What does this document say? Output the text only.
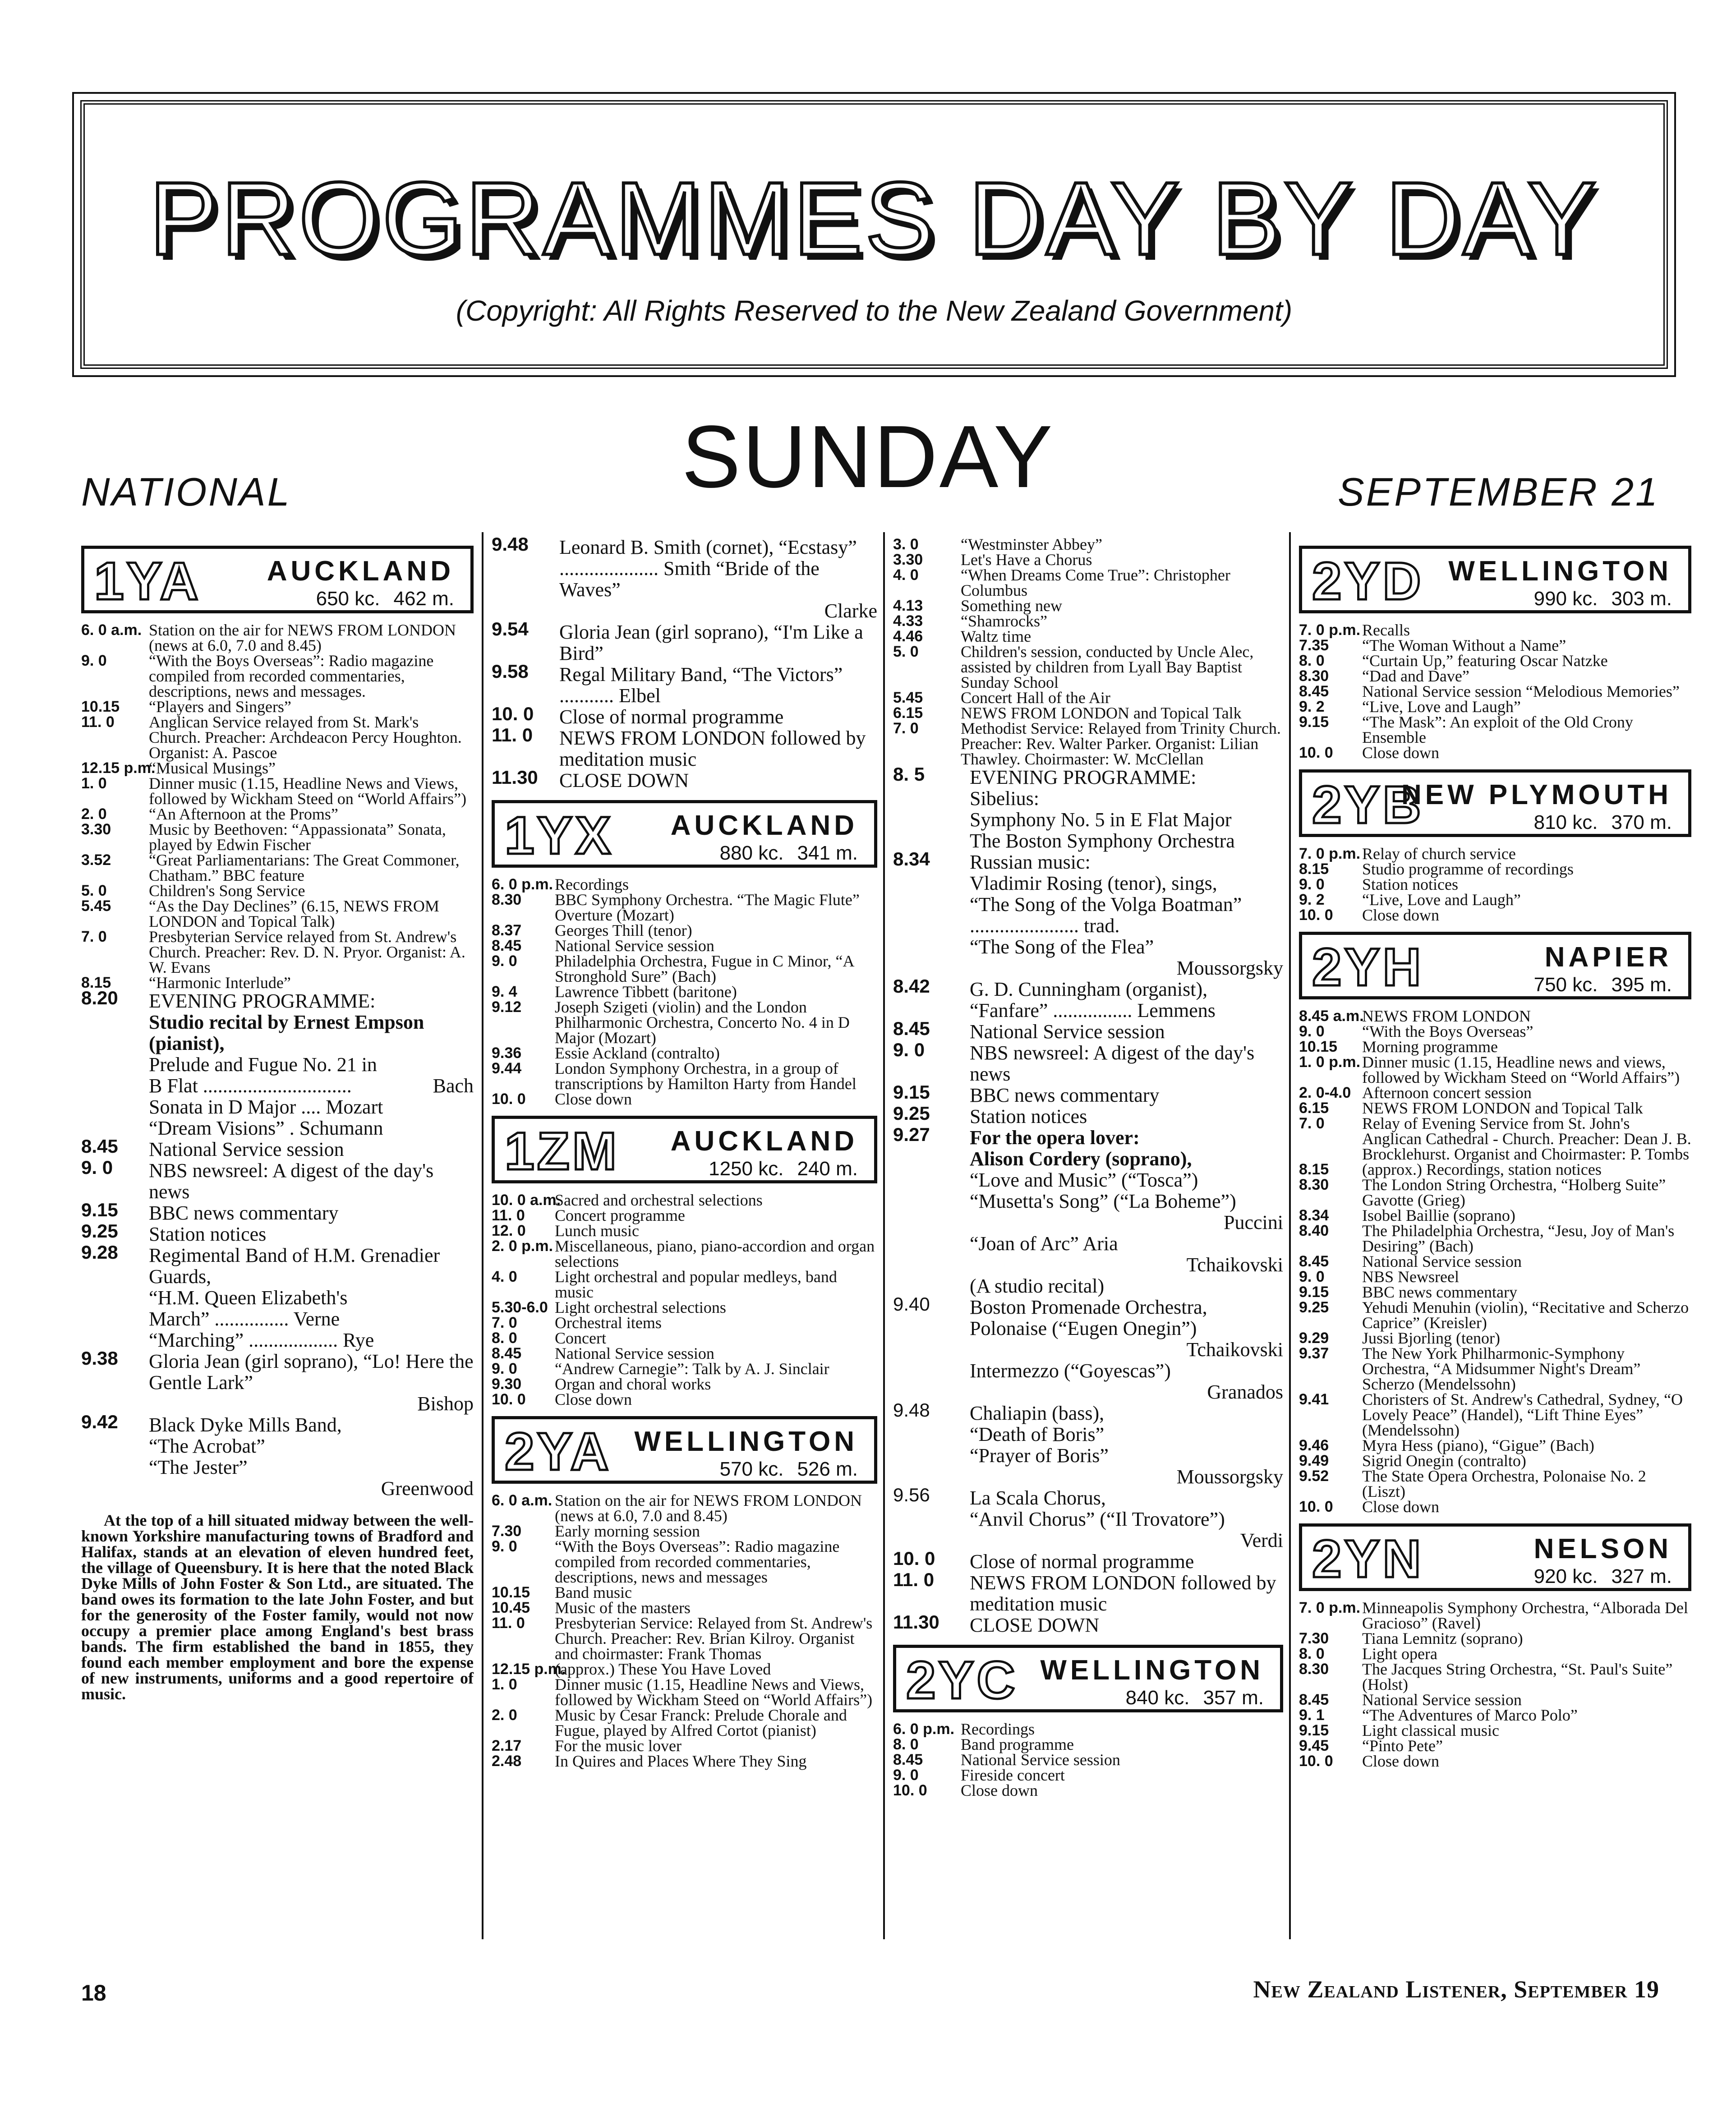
PROGRAMMES DAY BY DAY
(Copyright: All Rights Reserved to the New Zealand Government)
SUNDAY
NATIONAL	SEPTEMBER 21
1YA AUCKLAND
650 kc. 462 m.
6. 0 a.m. Station on the air for NEWS FROM LONDON (news at 6.0, 7.0 and 8.45)
9. 0	“With the Boys Overseas”: Radio magazine compiled from recorded commentaries, descriptions, news and messages.
10.15	“Players and Singers”
11. 0	Anglican Service relayed from St. Mark's Church. Preacher: Archdeacon Percy Houghton. Organist: A. Pascoe
12.15 p.m.
“Musical Musings”
1. 0	Dinner music (1.15, Headline News and Views, followed by Wickham Steed on “World Affairs”)
2. 0	“An Afternoon at the Proms”
3.30	Music by Beethoven: “Appassionata” Sonata, played by Edwin Fischer
3.52	“Great Parliamentarians: The Great Commoner, Chatham.” BBC feature
5. 0	Children's Song Service
5.45	“As the Day Declines” (6.15, NEWS FROM LONDON and Topical Talk)
7. 0	Presbyterian Service relayed from St. Andrew's Church. Preacher: Rev. D. N. Pryor. Organist: A. W. Evans
8.15	“Harmonic Interlude”
8.20	EVENING PROGRAMME:
Studio recital by Ernest Empson (pianist),
Prelude and Fugue No. 21 in
B Flat ..............................	Bach
Sonata in D Major .... Mozart
“Dream Visions” . Schumann
8.45	National Service session
9. 0	NBS newsreel: A digest of the day's news
9.15	BBC news commentary
9.25	Station notices
9.28	Regimental Band of H.M. Grenadier Guards,
“H.M. Queen Elizabeth's
March” ............... Verne
“Marching” .................. Rye
9.38	Gloria Jean (girl soprano), “Lo! Here the Gentle Lark”
Bishop
9.42	Black Dyke Mills Band,
“The Acrobat”
“The Jester”
Greenwood
At the top of a hill situated midway between the well-known Yorkshire manufacturing towns of Bradford and Halifax, stands at an elevation of eleven hundred feet, the village of Queensbury. It is here that the noted Black Dyke Mills of John Foster & Son Ltd., are situated. The band owes its formation to the late John Foster, and but for the generosity of the Foster family, would not now occupy a premier place among England's best brass bands. The firm established the band in 1855, they found each member employment and bore the expense of new instruments, uniforms and a good repertoire of music.
9.48	Leonard B. Smith (cornet), “Ecstasy” .................... Smith “Bride of the Waves”
Clarke
9.54	Gloria Jean (girl soprano), “I'm Like a Bird”
9.58	Regal Military Band, “The Victors” ........... Elbel
10. 0	Close of normal programme
11. 0	NEWS FROM LONDON followed by meditation music
11.30	CLOSE DOWN
1YX AUCKLAND
880 kc. 341 m.
6. 0 p.m. Recordings
8.30	BBC Symphony Orchestra. “The Magic Flute” Overture (Mozart)
8.37	Georges Thill (tenor)
8.45	National Service session
9. 0	Philadelphia Orchestra, Fugue in C Minor, “A Stronghold Sure” (Bach)
9. 4	Lawrence Tibbett (baritone)
9.12	Joseph Szigeti (violin) and the London Philharmonic Orchestra, Concerto No. 4 in D Major (Mozart)
9.36	Essie Ackland (contralto)
9.44	London Symphony Orchestra, in a group of transcriptions by Hamilton Harty from Handel
10. 0	Close down
1ZM AUCKLAND
1250 kc. 240 m.
10. 0 a.m.
Sacred and orchestral selections
11. 0	Concert programme
12. 0	Lunch music
2. 0 p.m. Miscellaneous, piano, piano-accordion and organ selections
4. 0	Light orchestral and popular medleys, band music
5.30-6.0 Light orchestral selections
7. 0	Orchestral items
8. 0	Concert
8.45	National Service session
9. 0	“Andrew Carnegie”: Talk by A. J. Sinclair
9.30	Organ and choral works
10. 0	Close down
2YA WELLINGTON
570 kc. 526 m.
6. 0 a.m. Station on the air for NEWS FROM LONDON (news at 6.0, 7.0 and 8.45)
7.30	Early morning session
9. 0	“With the Boys Overseas”: Radio magazine compiled from recorded commentaries, descriptions, news and messages
10.15	Band music
10.45	Music of the masters
11. 0	Presbyterian Service: Relayed from St. Andrew's Church. Preacher: Rev. Brian Kilroy. Organist and choirmaster: Frank Thomas
12.15 p.m.
(approx.) These You Have Loved
1. 0	Dinner music (1.15, Headline News and Views, followed by Wickham Steed on “World Affairs”)
2. 0	Music by Cesar Franck: Prelude Chorale and Fugue, played by Alfred Cortot (pianist)
2.17	For the music lover
2.48	In Quires and Places Where They Sing
3. 0	“Westminster Abbey”
3.30	Let's Have a Chorus
4. 0	“When Dreams Come True”: Christopher Columbus
4.13	Something new
4.33	“Shamrocks”
4.46	Waltz time
5. 0	Children's session, conducted by Uncle Alec, assisted by children from Lyall Bay Baptist Sunday School
5.45	Concert Hall of the Air
6.15	NEWS FROM LONDON and Topical Talk
7. 0	Methodist Service: Relayed from Trinity Church. Preacher: Rev. Walter Parker. Organist: Lilian Thawley. Choirmaster: W. McClellan
8. 5	EVENING PROGRAMME:
Sibelius:
Symphony No. 5 in E Flat Major
The Boston Symphony Orchestra
8.34	Russian music:
Vladimir Rosing (tenor), sings,
“The Song of the Volga Boatman” ...................... trad.
“The Song of the Flea”
Moussorgsky
8.42	G. D. Cunningham (organist), “Fanfare” ................ Lemmens
8.45	National Service session
9. 0	NBS newsreel: A digest of the day's news
9.15	BBC news commentary
9.25	Station notices
9.27	For the opera lover:
Alison Cordery (soprano),
“Love and Music” (“Tosca”)
“Musetta's Song” (“La Boheme”)
Puccini
“Joan of Arc” Aria
Tchaikovski
(A studio recital)
9.40	Boston Promenade Orchestra,
Polonaise (“Eugen Onegin”)
Tchaikovski
Intermezzo (“Goyescas”)
Granados
9.48	Chaliapin (bass),
“Death of Boris”
“Prayer of Boris”
Moussorgsky
9.56	La Scala Chorus,
“Anvil Chorus” (“Il Trovatore”)
Verdi
10. 0	Close of normal programme
11. 0	NEWS FROM LONDON followed by meditation music
11.30	CLOSE DOWN
2YC WELLINGTON
840 kc. 357 m.
6. 0 p.m. Recordings
8. 0	Band programme
8.45	National Service session
9. 0	Fireside concert
10. 0	Close down
2YD WELLINGTON
990 kc. 303 m.
7. 0 p.m. Recalls
7.35	“The Woman Without a Name”
8. 0	“Curtain Up,” featuring Oscar Natzke
8.30	“Dad and Dave”
8.45	National Service session “Melodious Memories”
9. 2	“Live, Love and Laugh”
9.15	“The Mask”: An exploit of the Old Crony Ensemble
10. 0	Close down
2YB
NEW PLYMOUTH
810 kc. 370 m.
7. 0 p.m. Relay of church service
8.15	Studio programme of recordings
9. 0	Station notices
9. 2	“Live, Love and Laugh”
10. 0	Close down
2YH	NAPIER
750 kc. 395 m.
8.45 a.m.
NEWS FROM LONDON
9. 0	“With the Boys Overseas”
10.15	Morning programme
1. 0 p.m. Dinner music (1.15, Headline news and views, followed by Wickham Steed on “World Affairs”)
2. 0-4.0 Afternoon concert session
6.15	NEWS FROM LONDON and Topical Talk
7. 0	Relay of Evening Service from St. John's Anglican Cathedral - Church. Preacher: Dean J. B. Brocklehurst. Organist and Choirmaster: P. Tombs
8.15	(approx.) Recordings, station notices
8.30	The London String Orchestra, “Holberg Suite” Gavotte (Grieg)
8.34	Isobel Baillie (soprano)
8.40	The Philadelphia Orchestra, “Jesu, Joy of Man's Desiring” (Bach)
8.45	National Service session
9. 0	NBS Newsreel
9.15	BBC news commentary
9.25	Yehudi Menuhin (violin), “Recitative and Scherzo Caprice” (Kreisler)
9.29	Jussi Bjorling (tenor)
9.37	The New York Philharmonic-Symphony Orchestra, “A Midsummer Night's Dream” Scherzo (Mendelssohn)
9.41	Choristers of St. Andrew's Cathedral, Sydney, “O Lovely Peace” (Handel), “Lift Thine Eyes” (Mendelssohn)
9.46	Myra Hess (piano), “Gigue” (Bach)
9.49	Sigrid Onegin (contralto)
9.52	The State Opera Orchestra, Polonaise No. 2 (Liszt)
10. 0	Close down
2YN	NELSON
920 kc. 327 m.
7. 0 p.m. Minneapolis Symphony Orchestra, “Alborada Del Gracioso” (Ravel)
7.30	Tiana Lemnitz (soprano)
8. 0	Light opera
8.30	The Jacques String Orchestra, “St. Paul's Suite” (Holst)
8.45	National Service session
9. 1	“The Adventures of Marco Polo”
9.15	Light classical music
9.45	“Pinto Pete”
10. 0	Close down
18	New Zealand Listener, September 19
